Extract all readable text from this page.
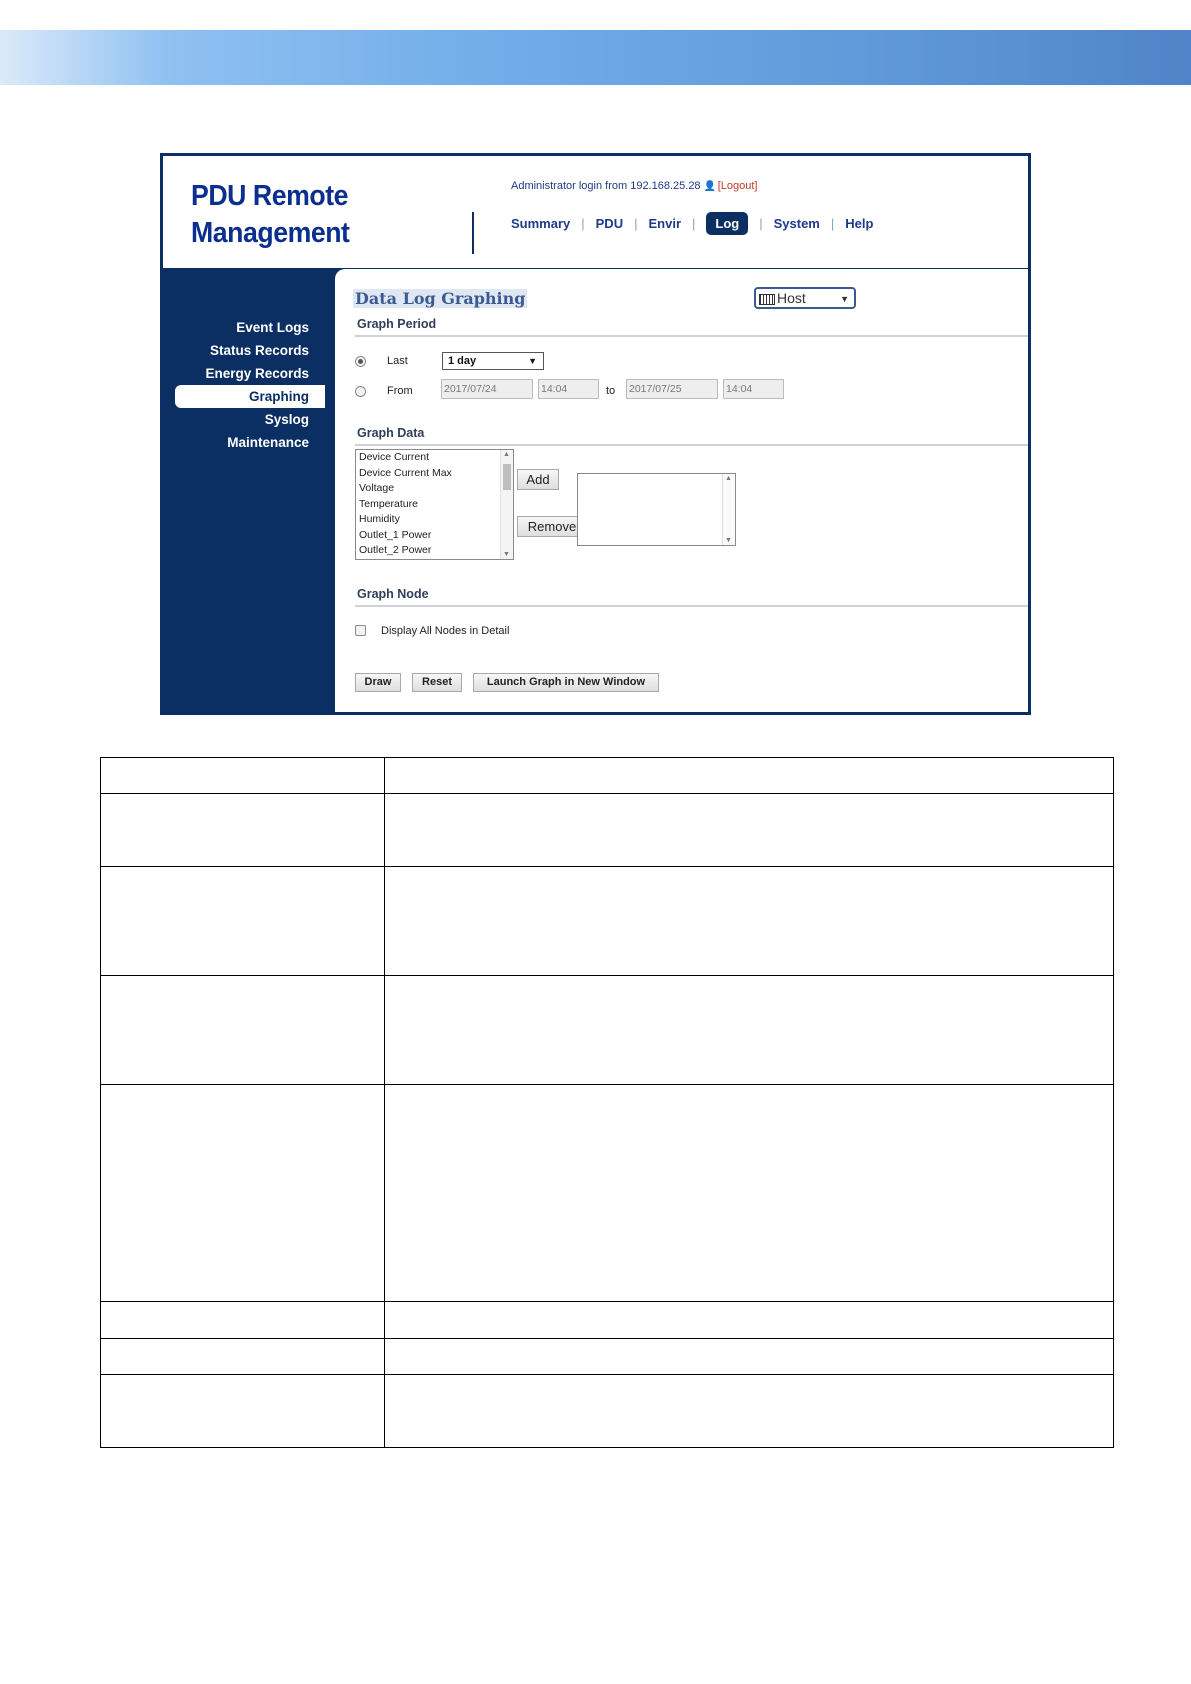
PDU Remote
Management
Administrator login from 192.168.25.28 👤 [Logout]
Summary | PDU | Envir |	Log	| System | Help
Event Logs
Status Records
Energy Records
Graphing
Syslog
Maintenance
Data Log Graphing	Host	▼
Graph Period
Last	1 day	▼
From	2017/07/24	14:04	to 2017/07/25	14:04
Graph Data
Device Current
Device Current Max
Voltage
Temperature
Humidity
Outlet_1 Power
Outlet_2 Power
▲
▼
Add
Remove
▲
▼
Graph Node
Display All Nodes in Detail
Draw	Reset	Launch Graph in New Window
